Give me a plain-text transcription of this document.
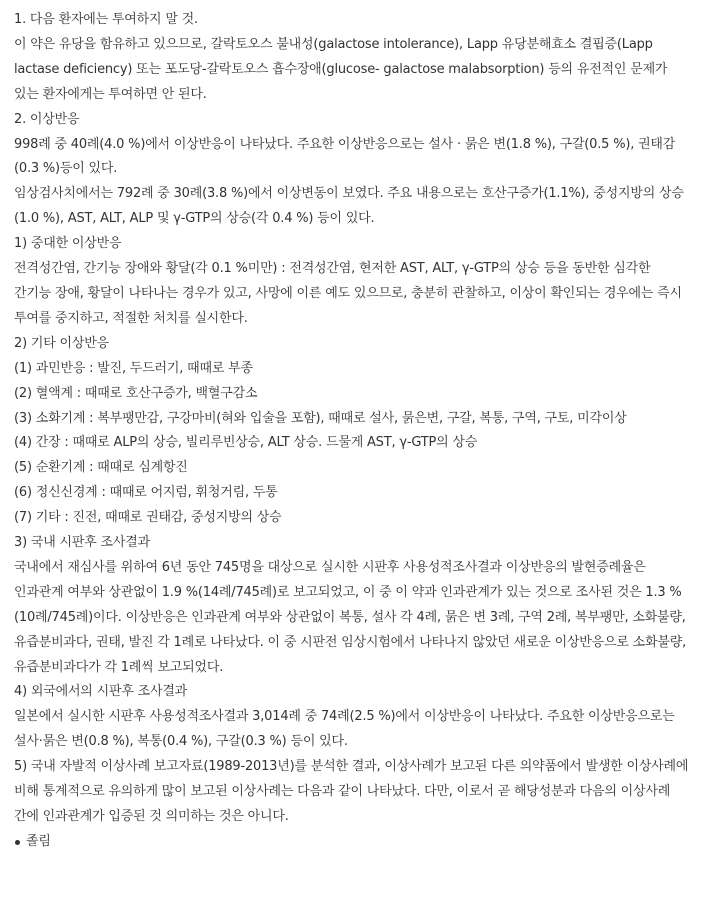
1. 다음 환자에는 투여하지 말 것.

이 약은 유당을 함유하고 있으므로, 갈락토오스 불내성(galactose intolerance), Lapp 유당분해효소 결핍증(Lapp lactase deficiency) 또는 포도당-갈락토오스 흡수장애(glucose- galactose malabsorption) 등의 유전적인 문제가 있는 환자에게는 투여하면 안 된다.

2. 이상반응

998례 중 40례(4.0 %)에서 이상반응이 나타났다. 주요한 이상반응으로는 설사 · 묽은 변(1.8 %), 구갈(0.5 %), 권태감(0.3 %)등이 있다.

임상검사치에서는 792례 중 30례(3.8 %)에서 이상변동이 보였다. 주요 내용으로는 호산구증가(1.1%), 중성지방의 상승(1.0 %), AST, ALT, ALP 및 γ-GTP의 상승(각 0.4 %) 등이 있다.

1) 중대한 이상반응

전격성간염, 간기능 장애와 황달(각 0.1 %미만) : 전격성간염, 현저한 AST, ALT, γ-GTP의 상승 등을 동반한 심각한 간기능 장애, 황달이 나타나는 경우가 있고, 사망에 이른 예도 있으므로, 충분히 관찰하고, 이상이 확인되는 경우에는 즉시 투여를 중지하고, 적절한 처치를 실시한다.

2) 기타 이상반응

(1) 과민반응 : 발진, 두드러기, 때때로 부종

(2) 혈액계 : 때때로 호산구증가, 백혈구감소

(3) 소화기계 : 복부팽만감, 구강마비(혀와 입술을 포함), 때때로 설사, 묽은변, 구갈, 복통, 구역, 구토, 미각이상

(4) 간장 : 때때로 ALP의 상승, 빌리루빈상승, ALT 상승. 드물게 AST, γ-GTP의 상승

(5) 순환기계 : 때때로 심계항진

(6) 정신신경계 : 때때로 어지럼, 휘청거림, 두통

(7) 기타 : 진전, 때때로 권태감, 중성지방의 상승

3) 국내 시판후 조사결과

국내에서 재심사를 위하여 6년 동안 745명을 대상으로 실시한 시판후 사용성적조사결과 이상반응의 발현증례율은 인과관계 여부와 상관없이 1.9 %(14례/745례)로 보고되었고, 이 중 이 약과 인과관계가 있는 것으로 조사된 것은 1.3 %(10례/745례)이다. 이상반응은 인과관계 여부와 상관없이 복통, 설사 각 4례, 묽은 변 3례, 구역 2례, 복부팽만, 소화불량, 유즙분비과다, 권태, 발진 각 1례로 나타났다. 이 중 시판전 임상시험에서 나타나지 않았던 새로운 이상반응으로 소화불량, 유즙분비과다가 각 1례씩 보고되었다.

4) 외국에서의 시판후 조사결과

일본에서 실시한 시판후 사용성적조사결과 3,014례 중 74례(2.5 %)에서 이상반응이 나타났다. 주요한 이상반응으로는 설사·묽은 변(0.8 %), 복통(0.4 %), 구갈(0.3 %) 등이 있다.

5) 국내 자발적 이상사례 보고자료(1989-2013년)를 분석한 결과, 이상사례가 보고된 다른 의약품에서 발생한 이상사례에 비해 통계적으로 유의하게 많이 보고된 이상사례는 다음과 같이 나타났다. 다만, 이로서 곧 해당성분과 다음의 이상사례 간에 인과관계가 입증된 것 의미하는 것은 아니다.

졸림
